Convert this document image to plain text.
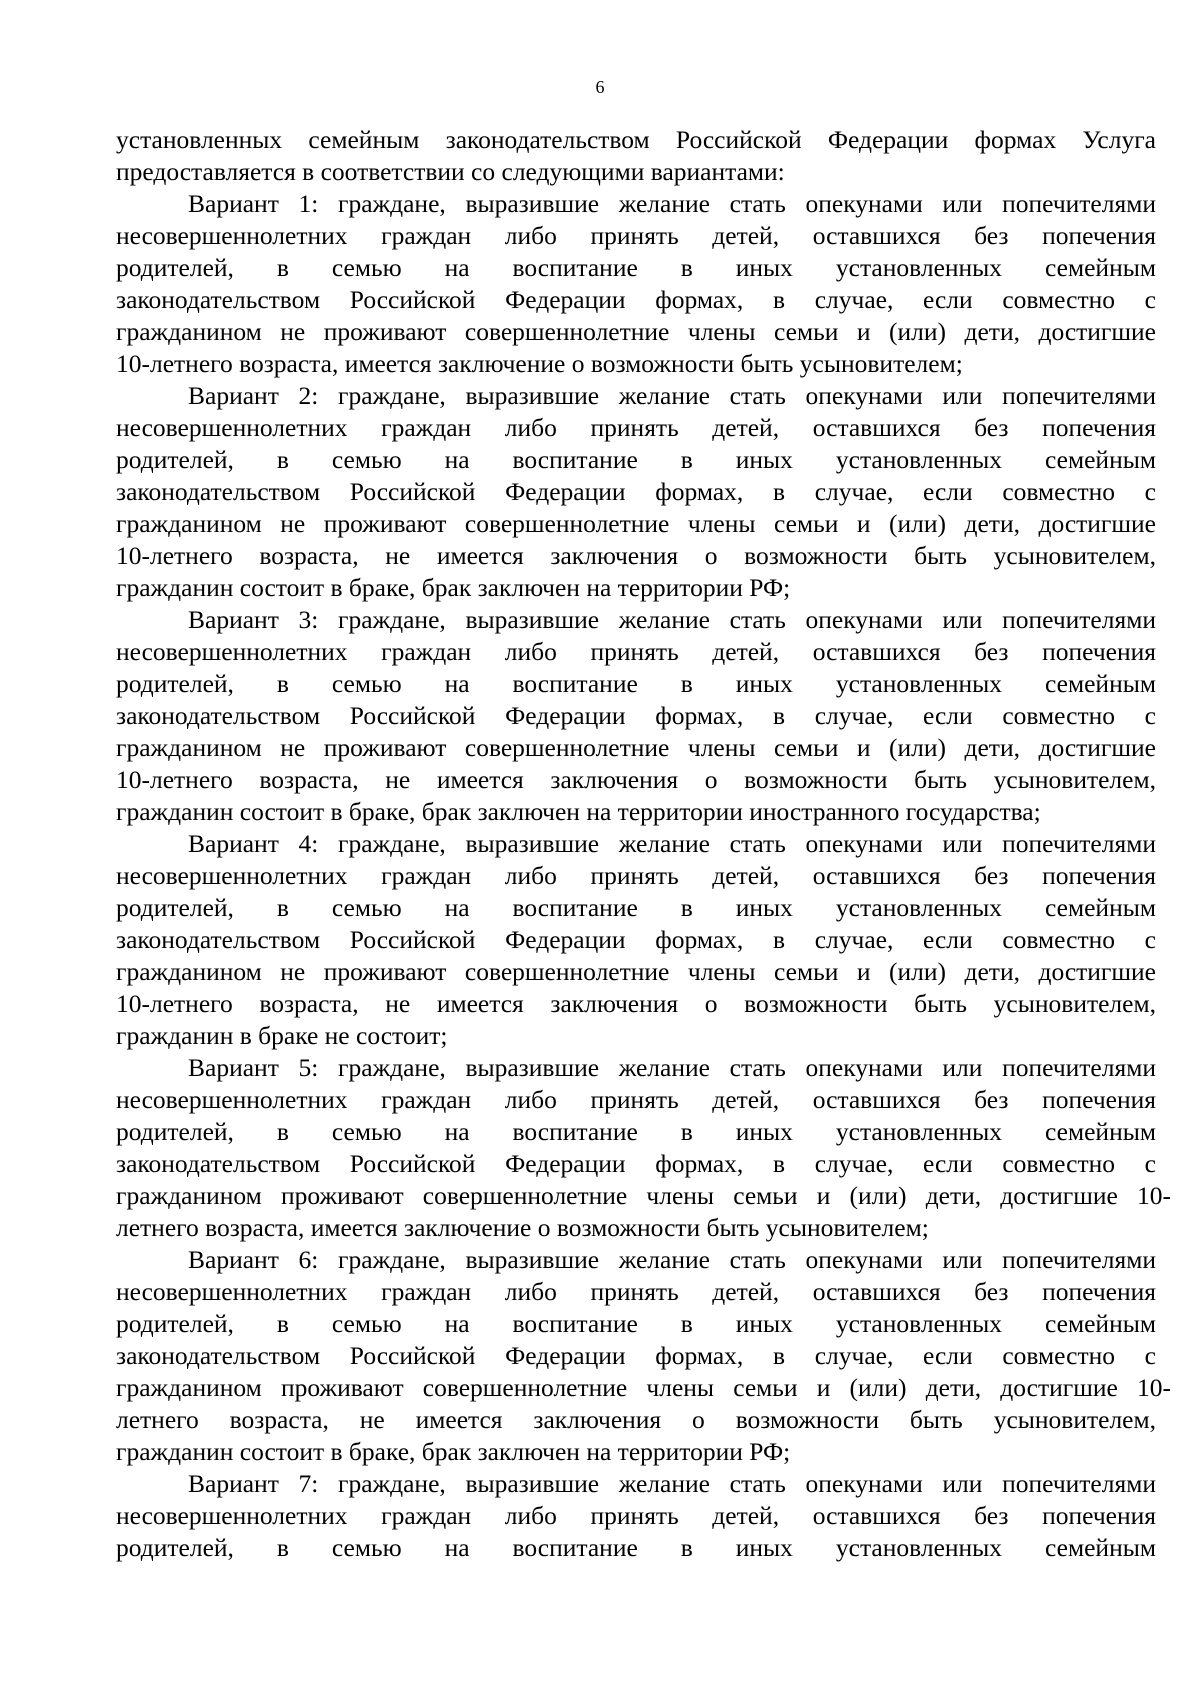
6
установленных семейным законодательством Российской Федерации формах Услуга
предоставляется в соответствии со следующими вариантами:
Вариант 1: граждане, выразившие желание стать опекунами или попечителями
несовершеннолетних граждан либо принять детей, оставшихся без попечения
родителей, в семью на воспитание в иных установленных семейным
законодательством Российской Федерации формах, в случае, если совместно с
гражданином не проживают совершеннолетние члены семьи и (или) дети, достигшие
10-летнего возраста, имеется заключение о возможности быть усыновителем;
Вариант 2: граждане, выразившие желание стать опекунами или попечителями
несовершеннолетних граждан либо принять детей, оставшихся без попечения
родителей, в семью на воспитание в иных установленных семейным
законодательством Российской Федерации формах, в случае, если совместно с
гражданином не проживают совершеннолетние члены семьи и (или) дети, достигшие
10-летнего возраста, не имеется заключения о возможности быть усыновителем,
гражданин состоит в браке, брак заключен на территории РФ;
Вариант 3: граждане, выразившие желание стать опекунами или попечителями
несовершеннолетних граждан либо принять детей, оставшихся без попечения
родителей, в семью на воспитание в иных установленных семейным
законодательством Российской Федерации формах, в случае, если совместно с
гражданином не проживают совершеннолетние члены семьи и (или) дети, достигшие
10-летнего возраста, не имеется заключения о возможности быть усыновителем,
гражданин состоит в браке, брак заключен на территории иностранного государства;
Вариант 4: граждане, выразившие желание стать опекунами или попечителями
несовершеннолетних граждан либо принять детей, оставшихся без попечения
родителей, в семью на воспитание в иных установленных семейным
законодательством Российской Федерации формах, в случае, если совместно с
гражданином не проживают совершеннолетние члены семьи и (или) дети, достигшие
10-летнего возраста, не имеется заключения о возможности быть усыновителем,
гражданин в браке не состоит;
Вариант 5: граждане, выразившие желание стать опекунами или попечителями
несовершеннолетних граждан либо принять детей, оставшихся без попечения
родителей, в семью на воспитание в иных установленных семейным
законодательством Российской Федерации формах, в случае, если совместно с
гражданином проживают совершеннолетние члены семьи и (или) дети, достигшие 10-
летнего возраста, имеется заключение о возможности быть усыновителем;
Вариант 6: граждане, выразившие желание стать опекунами или попечителями
несовершеннолетних граждан либо принять детей, оставшихся без попечения
родителей, в семью на воспитание в иных установленных семейным
законодательством Российской Федерации формах, в случае, если совместно с
гражданином проживают совершеннолетние члены семьи и (или) дети, достигшие 10-
летнего возраста, не имеется заключения о возможности быть усыновителем,
гражданин состоит в браке, брак заключен на территории РФ;
Вариант 7: граждане, выразившие желание стать опекунами или попечителями
несовершеннолетних граждан либо принять детей, оставшихся без попечения
родителей, в семью на воспитание в иных установленных семейным
